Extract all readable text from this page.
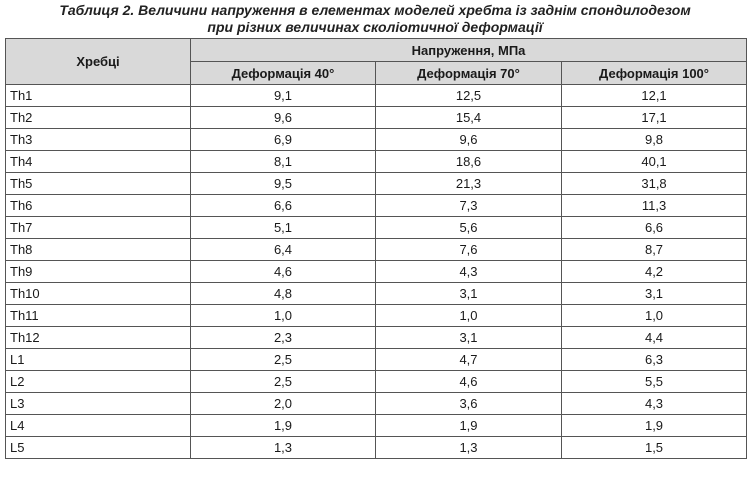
Таблиця 2. Величини напруження в елементах моделей хребта із заднім спондилодезом
при різних величинах сколіотичної деформації
Хребці	Напруження, МПа		
	Деформація 40°	Деформація 70°	Деформація 100°
Th1	9,1	12,5	12,1
Th2	9,6	15,4	17,1
Th3	6,9	9,6	9,8
Th4	8,1	18,6	40,1
Th5	9,5	21,3	31,8
Th6	6,6	7,3	11,3
Th7	5,1	5,6	6,6
Th8	6,4	7,6	8,7
Th9	4,6	4,3	4,2
Th10	4,8	3,1	3,1
Th11	1,0	1,0	1,0
Th12	2,3	3,1	4,4
L1	2,5	4,7	6,3
L2	2,5	4,6	5,5
L3	2,0	3,6	4,3
L4	1,9	1,9	1,9
L5	1,3	1,3	1,5
